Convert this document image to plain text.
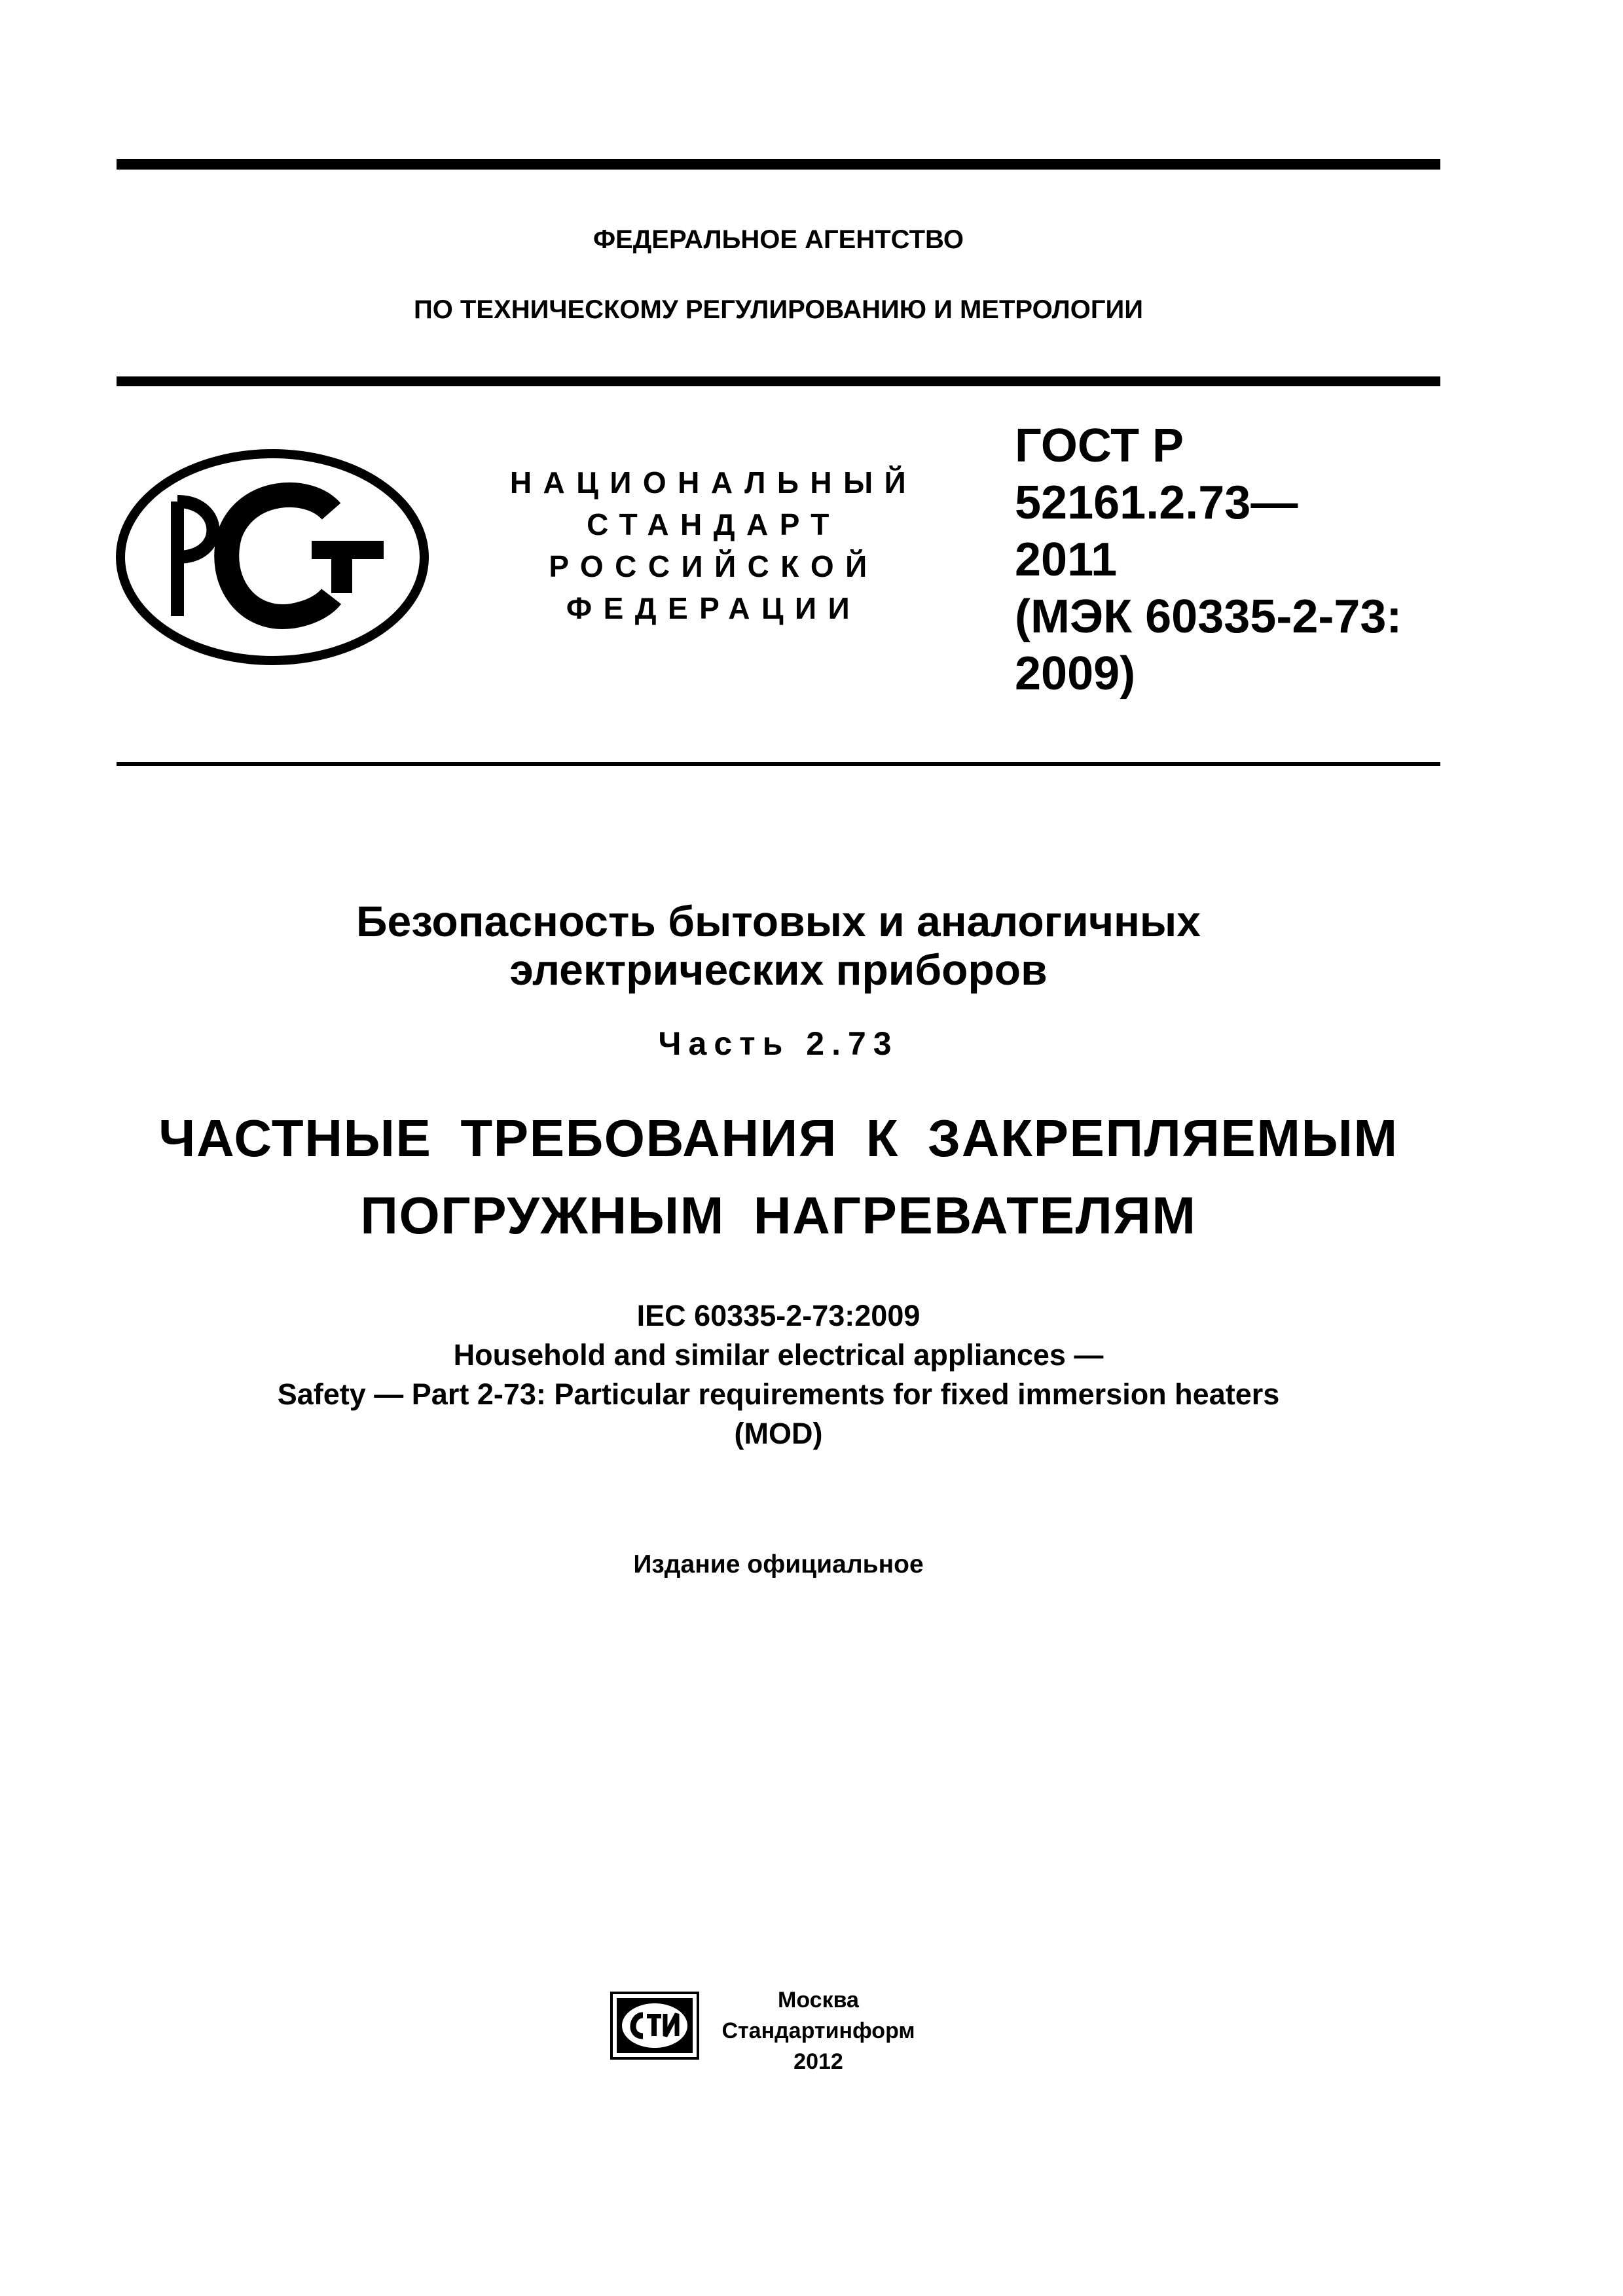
ФЕДЕРАЛЬНОЕ АГЕНТСТВО
ПО ТЕХНИЧЕСКОМУ РЕГУЛИРОВАНИЮ И МЕТРОЛОГИИ
НАЦИОНАЛЬНЫЙ
СТАНДАРТ
РОССИЙСКОЙ
ФЕДЕРАЦИИ
ГОСТ Р
52161.2.73—
2011
(МЭК 60335-2-73:
2009)
Безопасность бытовых и аналогичных
электрических приборов
Часть 2.73
ЧАСТНЫЕ ТРЕБОВАНИЯ К ЗАКРЕПЛЯЕМЫМ
ПОГРУЖНЫМ НАГРЕВАТЕЛЯМ
IEC 60335-2-73:2009
Household and similar electrical appliances —
Safety — Part 2-73: Particular requirements for fixed immersion heaters
(MOD)
Издание официальное
Москва
Стандартинформ
2012
